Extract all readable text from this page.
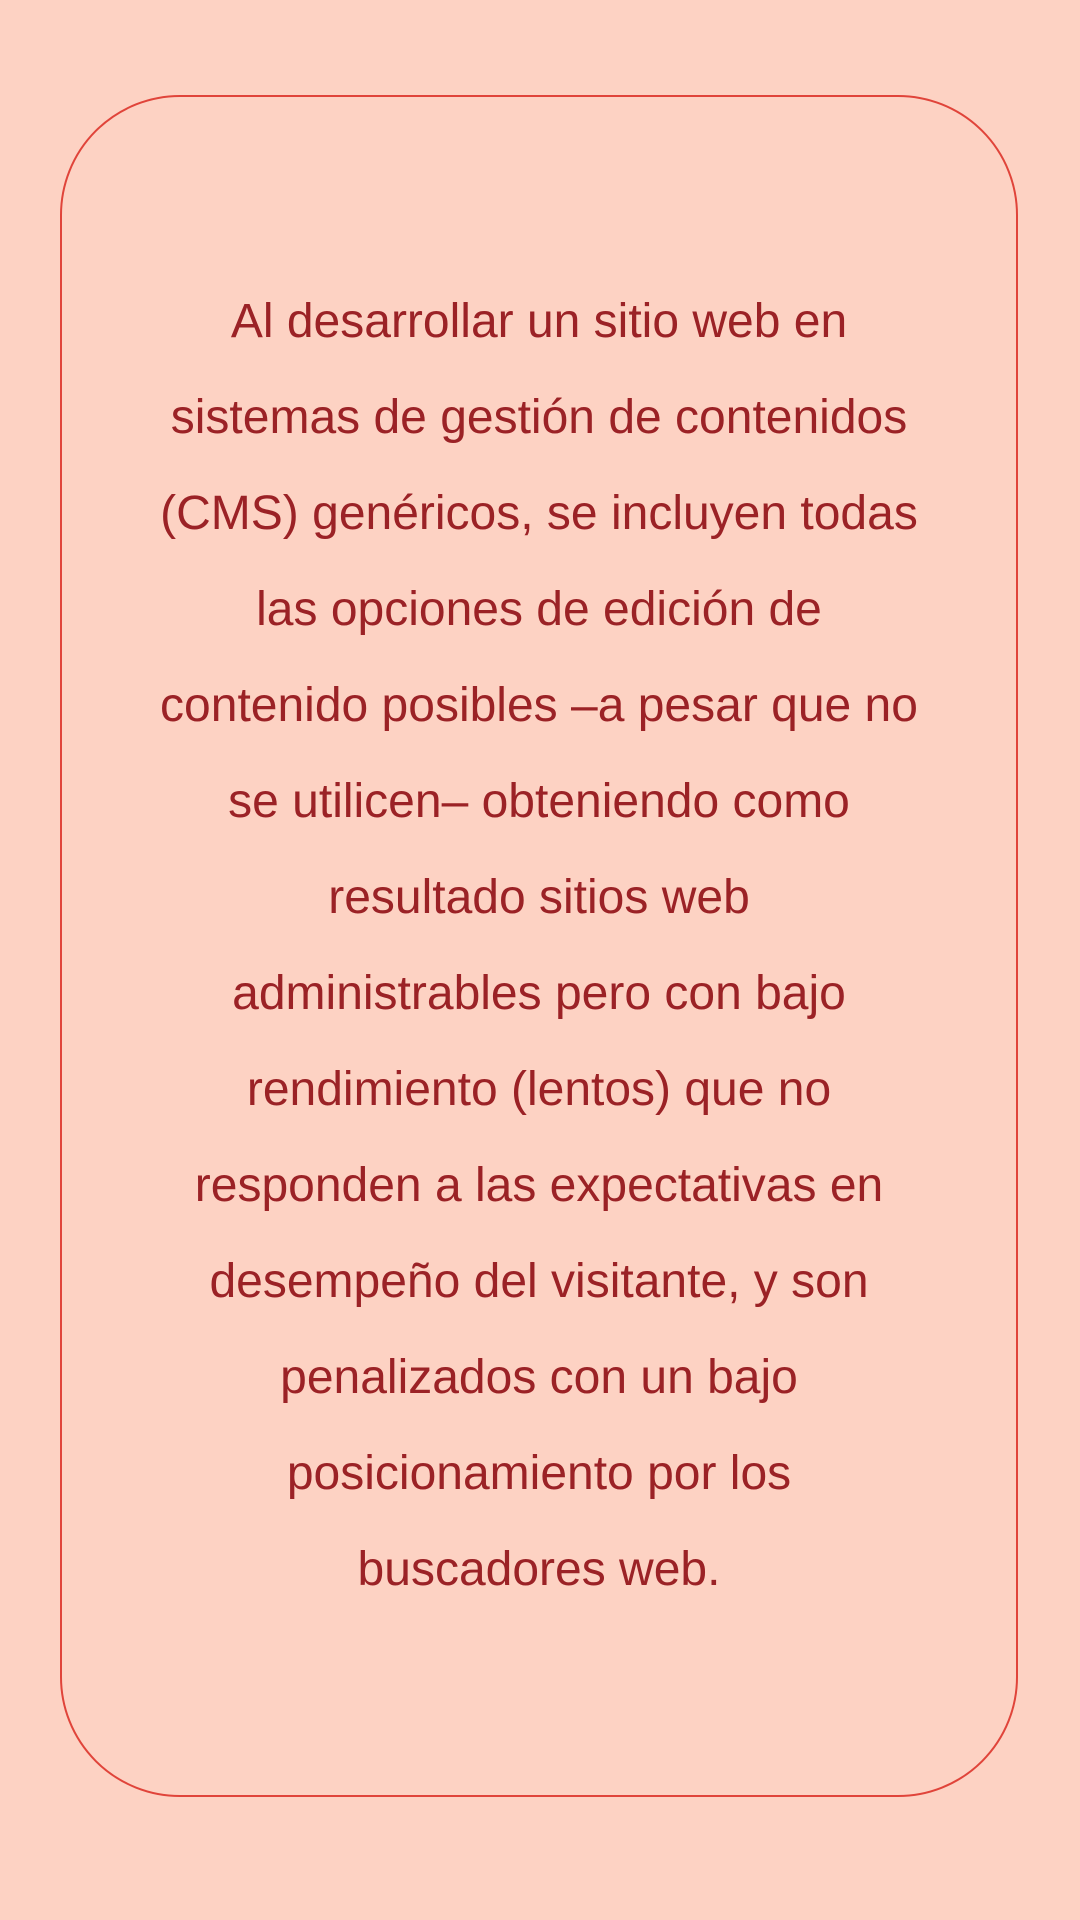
Al desarrollar un sitio web en
sistemas de gestión de contenidos
(CMS) genéricos, se incluyen todas
las opciones de edición de
contenido posibles –a pesar que no
se utilicen– obteniendo como
resultado sitios web
administrables pero con bajo
rendimiento (lentos) que no
responden a las expectativas en
desempeño del visitante, y son
penalizados con un bajo
posicionamiento por los
buscadores web.
